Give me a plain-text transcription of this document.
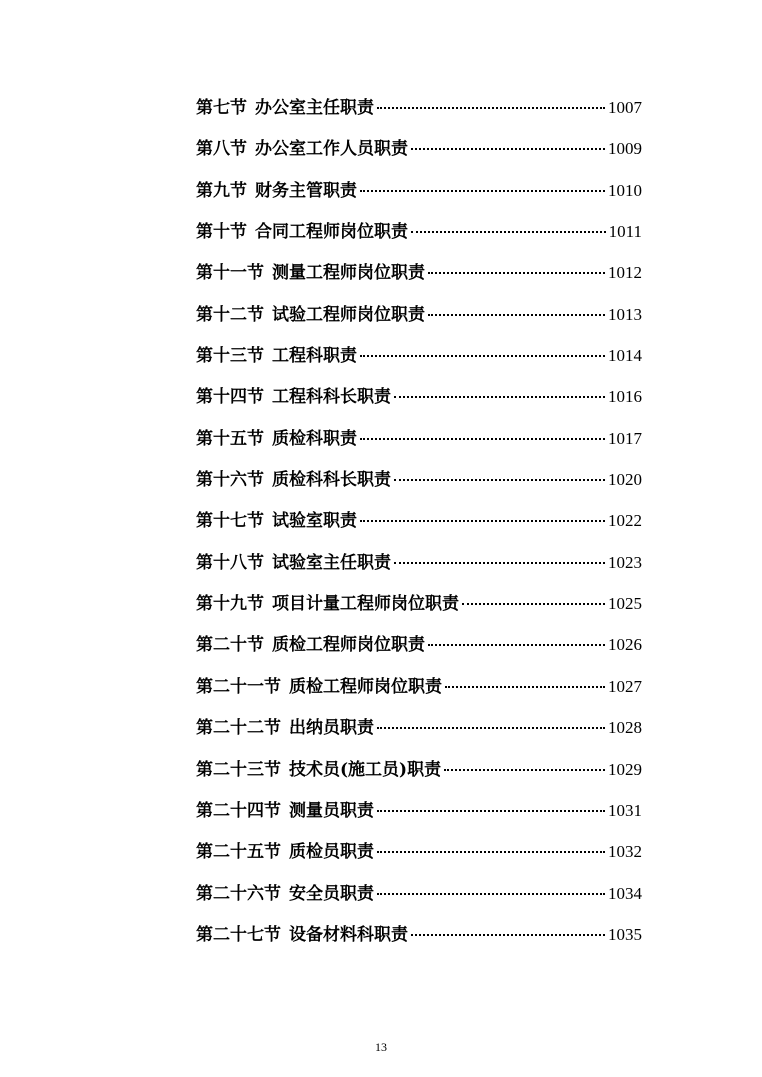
第七节 办公室主任职责	1007
第八节 办公室工作人员职责	1009
第九节 财务主管职责	1010
第十节 合同工程师岗位职责	1011
第十一节 测量工程师岗位职责	1012
第十二节 试验工程师岗位职责	1013
第十三节 工程科职责	1014
第十四节 工程科科长职责	1016
第十五节 质检科职责	1017
第十六节 质检科科长职责	1020
第十七节 试验室职责	1022
第十八节 试验室主任职责	1023
第十九节 项目计量工程师岗位职责	1025
第二十节 质检工程师岗位职责	1026
第二十一节 质检工程师岗位职责	1027
第二十二节 出纳员职责	1028
第二十三节 技术员(施工员)职责	1029
第二十四节 测量员职责	1031
第二十五节 质检员职责	1032
第二十六节 安全员职责	1034
第二十七节 设备材料科职责	1035
13
